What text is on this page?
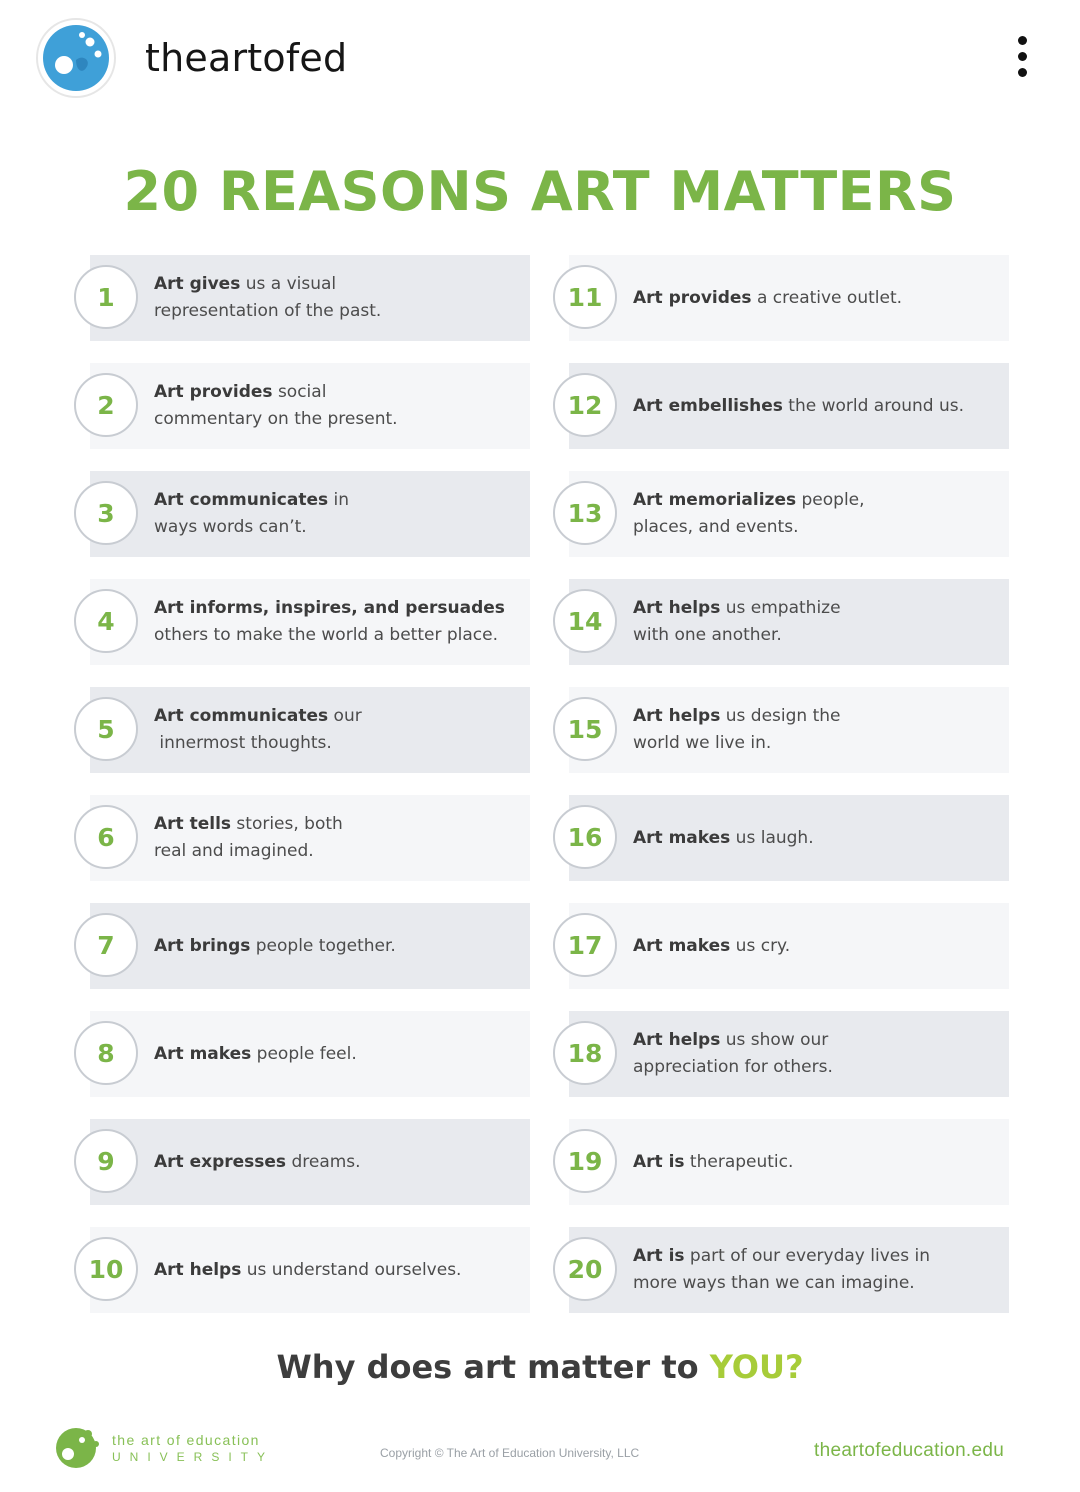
theartofed
20 REASONS ART MATTERS
1	Art gives us a visual
representation of the past.
2	Art provides social
commentary on the present.
3	Art communicates in
ways words can’t.
4	Art informs, inspires, and persuades
others to make the world a better place.
5	Art communicates our
innermost thoughts.
6	Art tells stories, both
real and imagined.
7	Art brings people together.
8	Art makes people feel.
9	Art expresses dreams.
10	Art helps us understand ourselves.
11	Art provides a creative outlet.
12	Art embellishes the world around us.
13	Art memorializes people,
places, and events.
14	Art helps us empathize
with one another.
15	Art helps us design the
world we live in.
16	Art makes us laugh.
17	Art makes us cry.
18	Art helps us show our
appreciation for others.
19	Art is therapeutic.
20	Art is part of our everyday lives in
more ways than we can imagine.
Why does art matter to YOU?
the art of education
UNIVERSITY	Copyright © The Art of Education University, LLC	theartofeducation.edu
